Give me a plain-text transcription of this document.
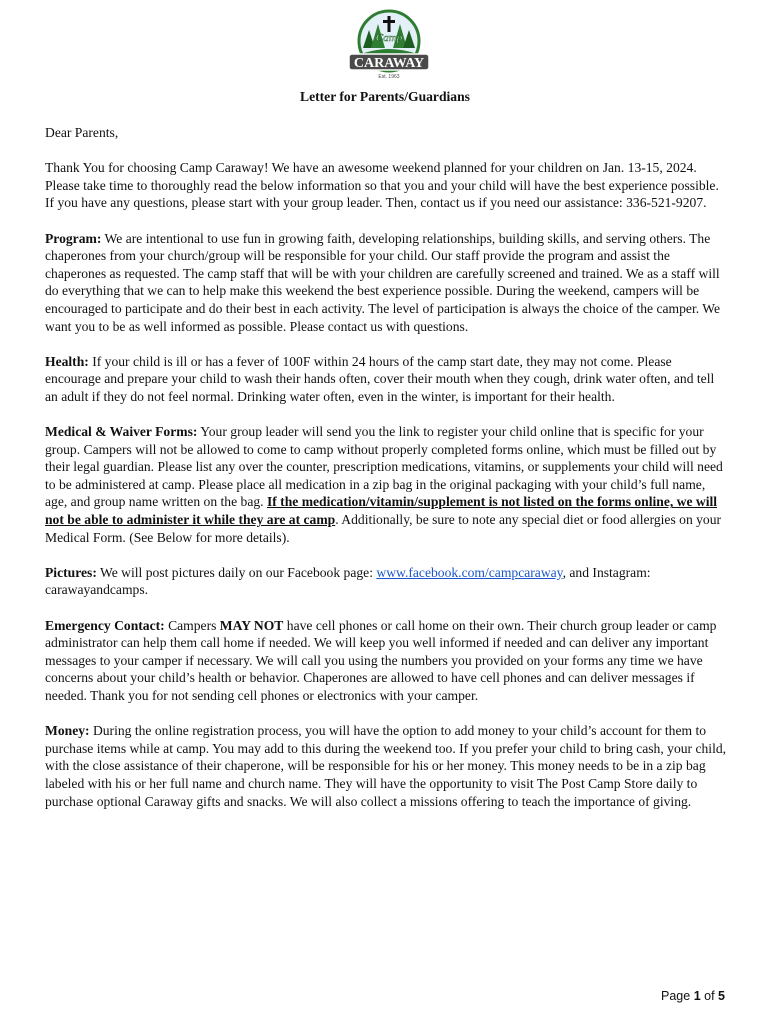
Camp
CARAWAY
Est. 1963
Letter for Parents/Guardians

Dear Parents,

Thank You for choosing Camp Caraway! We have an awesome weekend planned for your children on Jan. 13-15, 2024. Please take time to thoroughly read the below information so that you and your child will have the best experience possible. If you have any questions, please start with your group leader. Then, contact us if you need our assistance: 336-521-9207.

Program: We are intentional to use fun in growing faith, developing relationships, building skills, and serving others. The chaperones from your church/group will be responsible for your child. Our staff provide the program and assist the chaperones as requested. The camp staff that will be with your children are carefully screened and trained. We as a staff will do everything that we can to help make this weekend the best experience possible. During the weekend, campers will be encouraged to participate and do their best in each activity. The level of participation is always the choice of the camper. We want you to be as well informed as possible. Please contact us with questions.

Health: If your child is ill or has a fever of 100F within 24 hours of the camp start date, they may not come. Please encourage and prepare your child to wash their hands often, cover their mouth when they cough, drink water often, and tell an adult if they do not feel normal. Drinking water often, even in the winter, is important for their health.

Medical & Waiver Forms: Your group leader will send you the link to register your child online that is specific for your group. Campers will not be allowed to come to camp without properly completed forms online, which must be filled out by their legal guardian. Please list any over the counter, prescription medications, vitamins, or supplements your child will need to be administered at camp. Please place all medication in a zip bag in the original packaging with your child’s full name, age, and group name written on the bag. If the medication/vitamin/supplement is not listed on the forms online, we will not be able to administer it while they are at camp. Additionally, be sure to note any special diet or food allergies on your Medical Form. (See Below for more details).

Pictures: We will post pictures daily on our Facebook page: www.facebook.com/campcaraway, and Instagram: carawayandcamps.

Emergency Contact: Campers MAY NOT have cell phones or call home on their own. Their church group leader or camp administrator can help them call home if needed. We will keep you well informed if needed and can deliver any important messages to your camper if necessary. We will call you using the numbers you provided on your forms any time we have concerns about your child’s health or behavior. Chaperones are allowed to have cell phones and can deliver messages if needed. Thank you for not sending cell phones or electronics with your camper.

Money: During the online registration process, you will have the option to add money to your child’s account for them to purchase items while at camp. You may add to this during the weekend too. If you prefer your child to bring cash, your child, with the close assistance of their chaperone, will be responsible for his or her money. This money needs to be in a zip bag labeled with his or her full name and church name. They will have the opportunity to visit The Post Camp Store daily to purchase optional Caraway gifts and snacks. We will also collect a missions offering to teach the importance of giving.

Page 1 of 5
